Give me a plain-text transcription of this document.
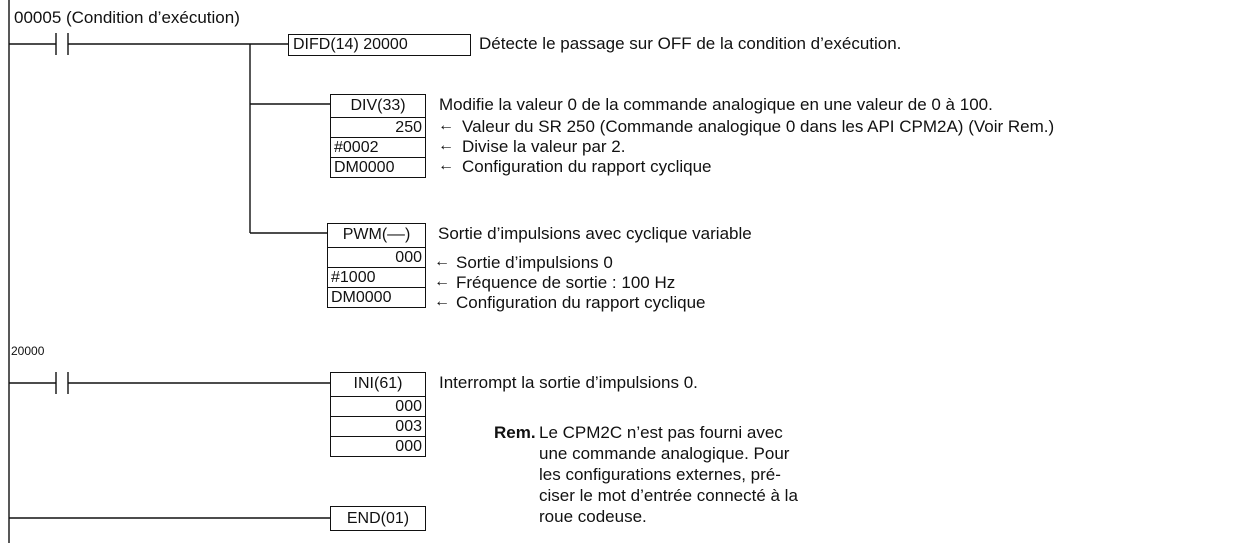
00005 (Condition d’exécution)
20000
DIFD(14) 20000	Détecte le passage sur OFF de la condition d’exécution.
DIV(33)
250
#0002
DM0000
Modifie la valeur 0 de la commande analogique en une valeur de 0 à 100.
←
←
←
Valeur du SR 250 (Commande analogique 0 dans les API CPM2A) (Voir Rem.)
Divise la valeur par 2.
Configuration du rapport cyclique
PWM(––)
000
#1000
DM0000
Sortie d’impulsions avec cyclique variable
←
←
←
Sortie d’impulsions 0
Fréquence de sortie : 100 Hz
Configuration du rapport cyclique
INI(61)
000
003
000
Interrompt la sortie d’impulsions 0.
END(01)
Rem. Le CPM2C n’est pas fourni avec
une commande analogique. Pour
les configurations externes, pré-
ciser le mot d’entrée connecté à la
roue codeuse.
